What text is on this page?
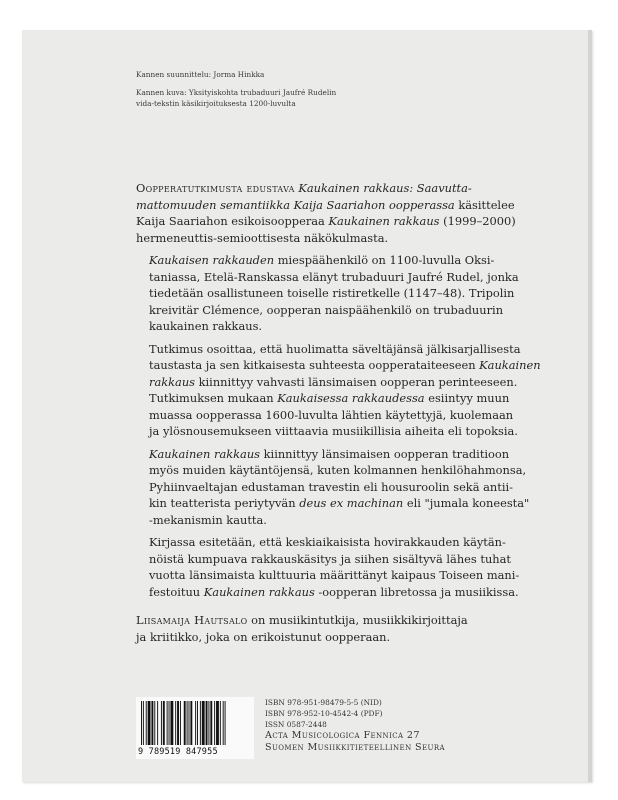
Kannen suunnittelu: Jorma Hinkka
Kannen kuva: Yksityiskohta trubaduuri Jaufré Rudelin
vida-tekstin käsikirjoituksesta 1200-luvulta

Oopperatutkimusta edustava Kaukainen rakkaus: Saavutta-
mattomuuden semantiikka Kaija Saariahon oopperassa käsittelee
Kaija Saariahon esikoisoopperaa Kaukainen rakkaus (1999–2000)
hermeneuttis-semioottisesta näkökulmasta.

Kaukaisen rakkauden miespäähenkilö on 1100-luvulla Oksi-
taniassa, Etelä-Ranskassa elänyt trubaduuri Jaufré Rudel, jonka
tiedetään osallistuneen toiselle ristiretkelle (1147–48). Tripolin
kreivitär Clémence, oopperan naispäähenkilö on trubaduurin
kaukainen rakkaus.

Tutkimus osoittaa, että huolimatta säveltäjänsä jälkisarjallisesta
taustasta ja sen kitkaisesta suhteesta oopperataiteeseen Kaukainen
rakkaus kiinnittyy vahvasti länsimaisen oopperan perinteeseen.
Tutkimuksen mukaan Kaukaisessa rakkaudessa esiintyy muun
muassa oopperassa 1600-luvulta lähtien käytettyjä, kuolemaan
ja ylösnousemukseen viittaavia musiikillisia aiheita eli topoksia.

Kaukainen rakkaus kiinnittyy länsimaisen oopperan traditioon
myös muiden käytäntöjensä, kuten kolmannen henkilöhahmonsa,
Pyhiinvaeltajan edustaman travestin eli housuroolin sekä antii-
kin teatterista periytyvän deus ex machinan eli "jumala koneesta"
-mekanismin kautta.

Kirjassa esitetään, että keskiaikaisista hovirakkauden käytän-
nöistä kumpuava rakkauskäsitys ja siihen sisältyvä lähes tuhat
vuotta länsimaista kulttuuria määrittänyt kaipaus Toiseen mani-
festoituu Kaukainen rakkaus -oopperan libretossa ja musiikissa.

Liisamaija Hautsalo on musiikintutkija, musiikkikirjoittaja
ja kriitikko, joka on erikoistunut oopperaan.

9 789519 847955
ISBN 978-951-98479-5-5 (NID)
ISBN 978-952-10-4542-4 (PDF)
ISSN 0587-2448
Acta Musicologica Fennica 27
Suomen Musiikkitieteellinen Seura
